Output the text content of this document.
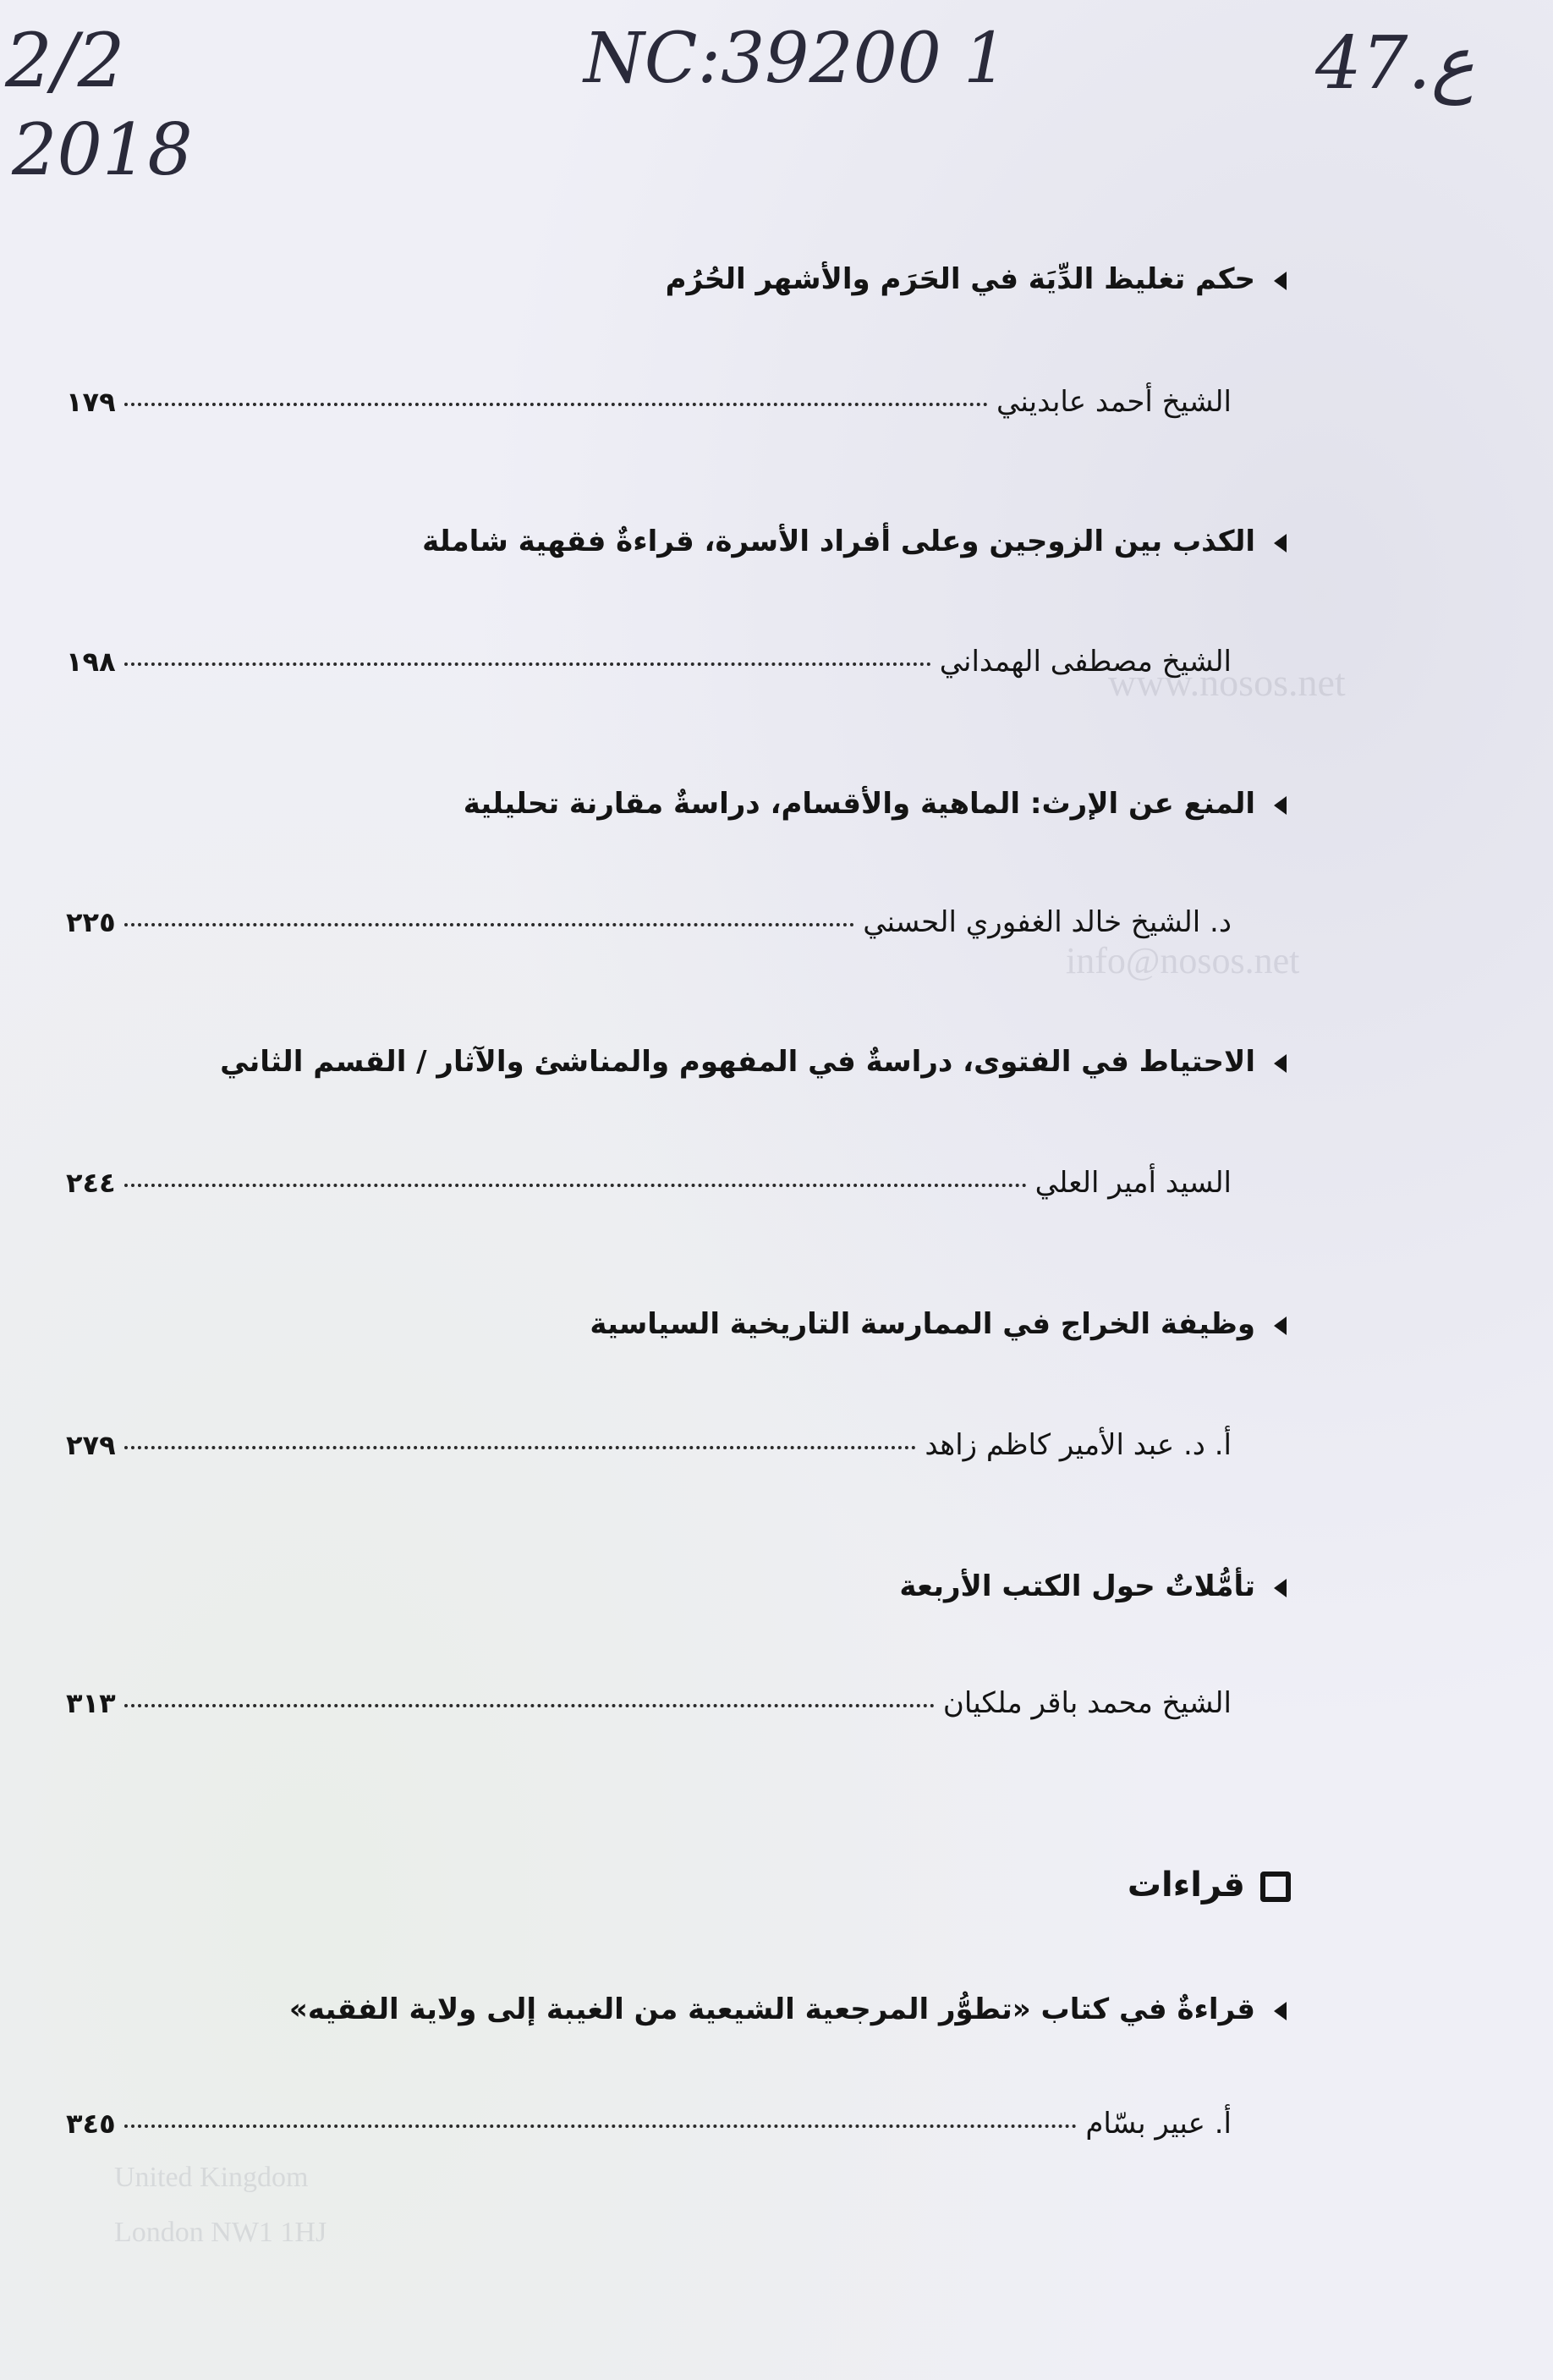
www.nosos.net
info@nosos.net
United Kingdom
London NW1 1HJ
2/2
2018
NC:39200 1	47.ع
حكم تغليظ الدِّيَة في الحَرَم والأشهر الحُرُم
الشيخ أحمد عابديني
١٧٩
الكذب بين الزوجين وعلى أفراد الأسرة، قراءةٌ فقهية شاملة
الشيخ مصطفى الهمداني
١٩٨
المنع عن الإرث: الماهية والأقسام، دراسةٌ مقارنة تحليلية
د. الشيخ خالد الغفوري الحسني
٢٢٥
الاحتياط في الفتوى، دراسةٌ في المفهوم والمناشئ والآثار / القسم الثاني
السيد أمير العلي
٢٤٤
وظيفة الخراج في الممارسة التاريخية السياسية
أ. د. عبد الأمير كاظم زاهد
٢٧٩
تأمُّلاتٌ حول الكتب الأربعة
الشيخ محمد باقر ملكيان
٣١٣
قراءات
قراءةٌ في كتاب «تطوُّر المرجعية الشيعية من الغيبة إلى ولاية الفقيه»
أ. عبير بسّام
٣٤٥
